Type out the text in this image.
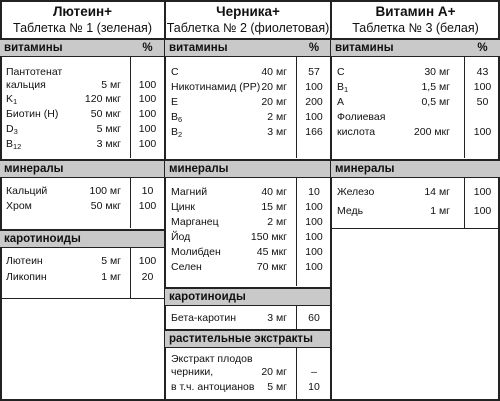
Лютеин+
Таблетка № 1 (зеленая)
витамины	%
Пантотенат
кальция	5 мг	100
$K_1$	120 мкг	100
Биотин (H)	50 мкг	100
$D_3$	5 мкг	100
$B_{12}$	3 мкг	100
минералы
Кальций	100 мг	10
Хром	50 мкг	100
каротиноиды
Лютеин	5 мг	100
Ликопин	1 мг	20
Черника+
Таблетка № 2 (фиолетовая)
витамины	%
C	40 мг	57
Никотинамид (PP) 20 мг	100
E	20 мг	200
$B_6$	2 мг	100
$B_2$	3 мг	166
минералы
Магний	40 мг	10
Цинк	15 мг	100
Марганец	2 мг	100
Йод	150 мкг	100
Молибден	45 мкг	100
Селен	70 мкг	100
каротиноиды
Бета-каротин	3 мг	60
растительные экстракты
Экстракт плодов
черники,	20 мг	–
в т.ч. антоцианов 5 мг	10
Витамин А+
Таблетка № 3 (белая)
витамины	%
C	30 мг	43
$B_1$	1,5 мг	100
A	0,5 мг	50
Фолиевая
кислота	200 мкг	100
минералы
Железо	14 мг	100
Медь	1 мг	100
